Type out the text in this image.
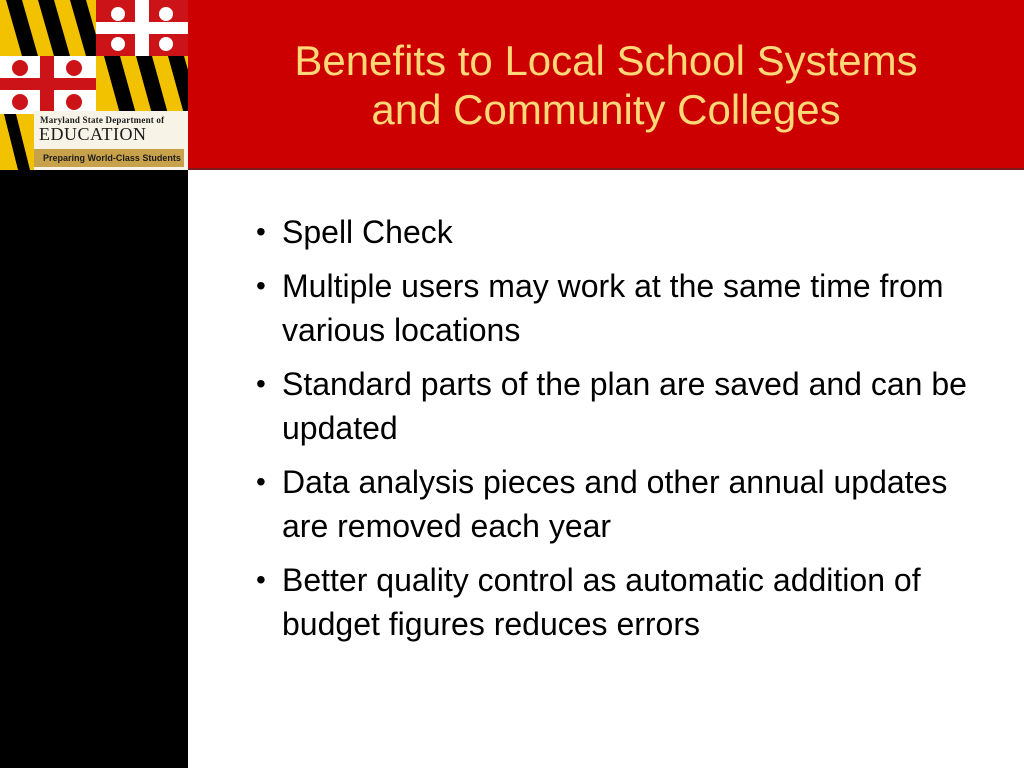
Maryland State Department of
EDUCATION
Preparing World-Class Students
Benefits to Local School Systems
and Community Colleges
• Spell Check
• Multiple users may work at the same time from various locations
• Standard parts of the plan are saved and can be updated
• Data analysis pieces and other annual updates are removed each year
• Better quality control as automatic addition of budget figures reduces errors
